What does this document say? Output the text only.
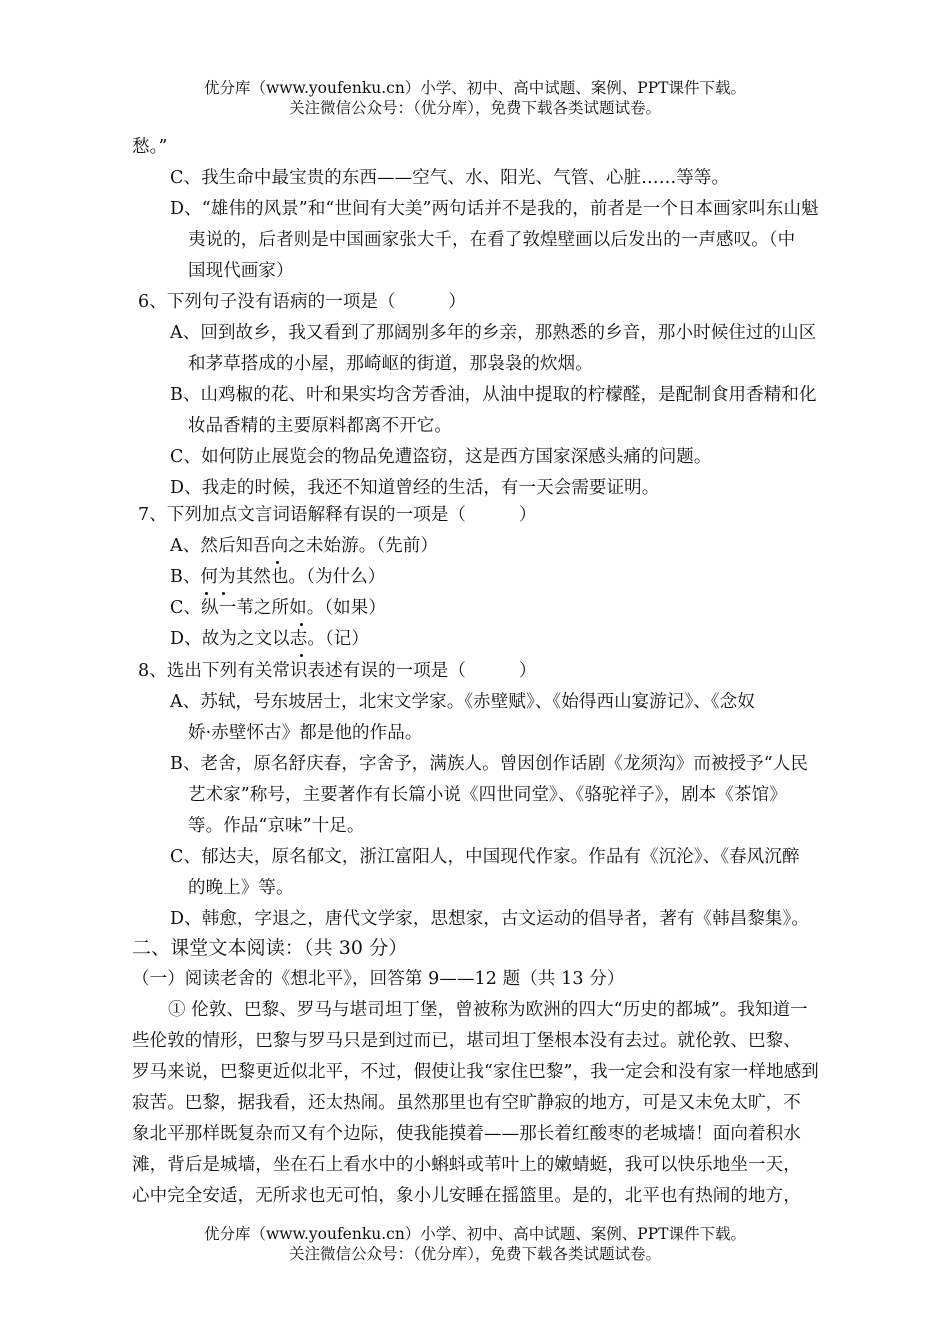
优分库（www.youfenku.cn）小学、初中、高中试题、案例、PPT课件下载。
关注微信公众号：（优分库），免费下载各类试题试卷。
愁。”
C、我生命中最宝贵的东西——空气、水、阳光、气管、心脏……等等。
D、“雄伟的风景”和“世间有大美”两句话并不是我的，前者是一个日本画家叫东山魁
夷说的，后者则是中国画家张大千，在看了敦煌壁画以后发出的一声感叹。（中
国现代画家）
6、下列句子没有语病的一项是（　　　）
A、回到故乡，我又看到了那阔别多年的乡亲，那熟悉的乡音，那小时候住过的山区
和茅草搭成的小屋，那崎岖的街道，那袅袅的炊烟。
B、山鸡椒的花、叶和果实均含芳香油，从油中提取的柠檬醛，是配制食用香精和化
妆品香精的主要原料都离不开它。
C、如何防止展览会的物品免遭盗窃，这是西方国家深感头痛的问题。
D、我走的时候，我还不知道曾经的生活，有一天会需要证明。
7、下列加点文言词语解释有误的一项是（　　　）
A、然后知吾向之未始游。（先前）
B、何为其然也。（为什么）
C、纵一苇之所如。（如果）
D、故为之文以志。（记）
8、选出下列有关常识表述有误的一项是（　　　）
A、苏轼，号东坡居士，北宋文学家。《赤壁赋》、《始得西山宴游记》、《念奴
娇·赤壁怀古》都是他的作品。
B、老舍，原名舒庆春，字舍予，满族人。曾因创作话剧《龙须沟》而被授予“人民
艺术家”称号，主要著作有长篇小说《四世同堂》、《骆驼祥子》，剧本《茶馆》
等。作品“京味”十足。
C、郁达夫，原名郁文，浙江富阳人，中国现代作家。作品有《沉沦》、《春风沉醉
的晚上》等。
D、韩愈，字退之，唐代文学家，思想家，古文运动的倡导者，著有《韩昌黎集》。
二、课堂文本阅读：（共 30 分）
（一）阅读老舍的《想北平》，回答第 9——12 题（共 13 分）
① 伦敦、巴黎、罗马与堪司坦丁堡，曾被称为欧洲的四大“历史的都城”。我知道一
些伦敦的情形，巴黎与罗马只是到过而已，堪司坦丁堡根本没有去过。就伦敦、巴黎、
罗马来说，巴黎更近似北平，不过，假使让我“家住巴黎”，我一定会和没有家一样地感到
寂苦。巴黎，据我看，还太热闹。虽然那里也有空旷静寂的地方，可是又未免太旷，不
象北平那样既复杂而又有个边际，使我能摸着——那长着红酸枣的老城墙！面向着积水
滩，背后是城墙，坐在石上看水中的小蝌蚪或苇叶上的嫩蜻蜓，我可以快乐地坐一天，
心中完全安适，无所求也无可怕，象小儿安睡在摇篮里。是的，北平也有热闹的地方，
优分库（www.youfenku.cn）小学、初中、高中试题、案例、PPT课件下载。
关注微信公众号：（优分库），免费下载各类试题试卷。
